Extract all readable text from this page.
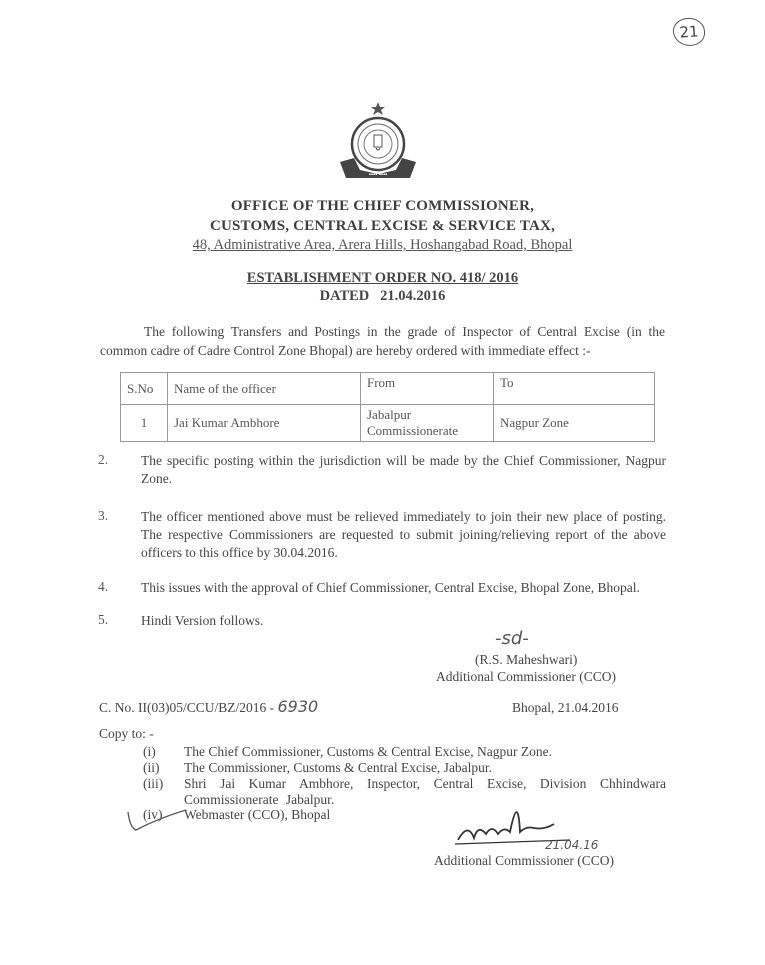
21
▪▪▪▪ ▪▪▪▪
OFFICE OF THE CHIEF COMMISSIONER,
CUSTOMS, CENTRAL EXCISE & SERVICE TAX,
48, Administrative Area, Arera Hills, Hoshangabad Road, Bhopal
ESTABLISHMENT ORDER NO. 418/ 2016
DATED 21.04.2016
The following Transfers and Postings in the grade of Inspector of Central Excise (in the common cadre of Cadre Control Zone Bhopal) are hereby ordered with immediate effect :-
S.No	Name of the officer	From	To
1	Jai Kumar Ambhore	Jabalpur Commissionerate	Nagpur Zone
2. The specific posting within the jurisdiction will be made by the Chief Commissioner, Nagpur Zone.
3. The officer mentioned above must be relieved immediately to join their new place of posting. The respective Commissioners are requested to submit joining/relieving report of the above officers to this office by 30.04.2016.
4. This issues with the approval of Chief Commissioner, Central Excise, Bhopal Zone, Bhopal.
5. Hindi Version follows.
-sd-
(R.S. Maheshwari)
Additional Commissioner (CCO)
C. No. II(03)05/CCU/BZ/2016 - 6930	Bhopal, 21.04.2016
Copy to: -
(i) The Chief Commissioner, Customs & Central Excise, Nagpur Zone.
(ii) The Commissioner, Customs & Central Excise, Jabalpur.
(iii) Shri Jai Kumar Ambhore, Inspector, Central Excise, Division Chhindwara Commissionerate Jabalpur.
(iv) Webmaster (CCO), Bhopal
21.04.16
Additional Commissioner (CCO)
